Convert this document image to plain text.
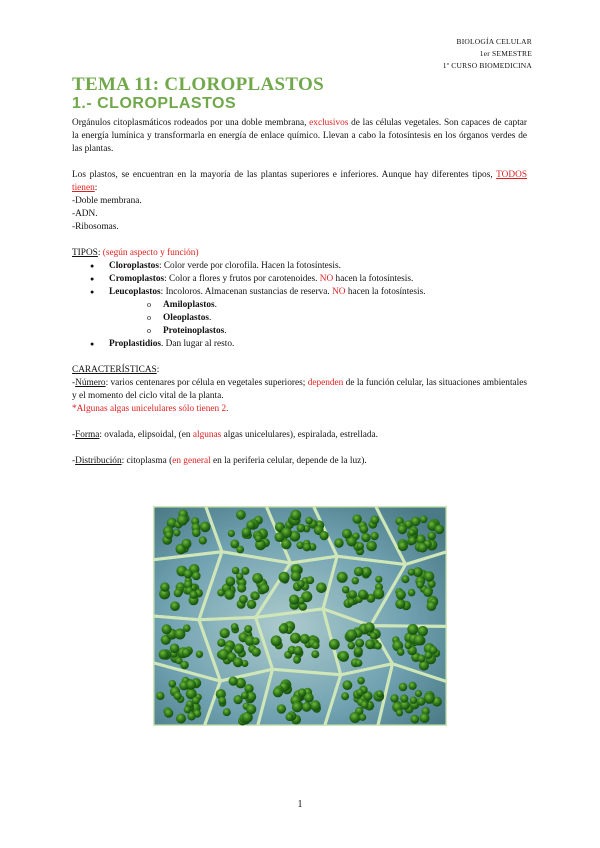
BIOLOGÍA CELULAR
1er SEMESTRE
1º CURSO BIOMEDICINA
TEMA 11: CLOROPLASTOS
1.- CLOROPLASTOS

Orgánulos citoplasmáticos rodeados por una doble membrana, exclusivos de las células vegetales. Son capaces de captar la energía lumínica y transformarla en energía de enlace químico. Llevan a cabo la fotosíntesis en los órganos verdes de las plantas.

Los plastos, se encuentran en la mayoría de las plantas superiores e inferiores. Aunque hay diferentes tipos, TODOS tienen:

-Doble membrana.

-ADN.

-Ribosomas.

TIPOS: (según aspecto y función)

● Cloroplastos: Color verde por clorofila. Hacen la fotosíntesis.
● Cromoplastos: Color a flores y frutos por carotenoides. NO hacen la fotosíntesis.
● Leucoplastos: Incoloros. Almacenan sustancias de reserva. NO hacen la fotosíntesis.
o Amiloplastos.
o Oleoplastos.
o Proteinoplastos.
● Proplastidios. Dan lugar al resto.

CARACTERÍSTICAS:

-Número: varios centenares por célula en vegetales superiores; dependen de la función celular, las situaciones ambientales y el momento del ciclo vital de la planta.

*Algunas algas unicelulares sólo tienen 2.

-Forma: ovalada, elipsoidal, (en algunas algas unicelulares), espiralada, estrellada.

-Distribución: citoplasma (en general en la periferia celular, depende de la luz).

1
